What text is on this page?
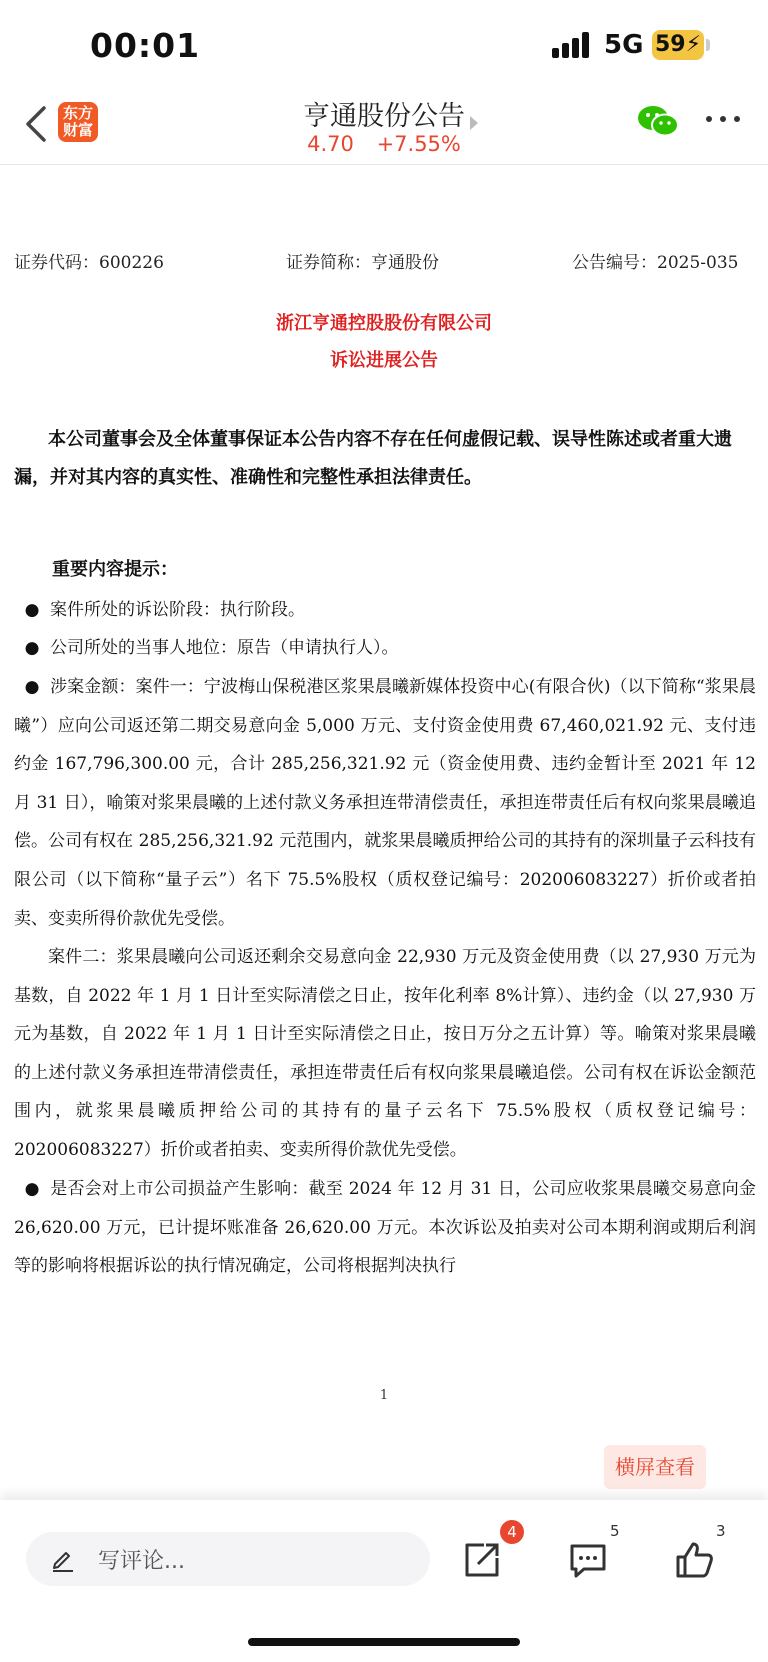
00:01	5G 59⚡
东方
财富	亨通股份公告
4.70 +7.55%
证券代码：600226	证券简称：亨通股份	公告编号：2025-035
浙江亨通控股股份有限公司
诉讼进展公告
本公司董事会及全体董事保证本公告内容不存在任何虚假记载、误导性陈述或者重大遗漏，并对其内容的真实性、准确性和完整性承担法律责任。
重要内容提示：
● 案件所处的诉讼阶段：执行阶段。
● 公司所处的当事人地位：原告（申请执行人）。
● 涉案金额：案件一：宁波梅山保税港区浆果晨曦新媒体投资中心(有限合伙)（以下简称“浆果晨曦”）应向公司返还第二期交易意向金 5,000 万元、支付资金使用费 67,460,021.92 元、支付违约金 167,796,300.00 元，合计 285,256,321.92 元（资金使用费、违约金暂计至 2021 年 12 月 31 日），喻策对浆果晨曦的上述付款义务承担连带清偿责任，承担连带责任后有权向浆果晨曦追偿。公司有权在 285,256,321.92 元范围内，就浆果晨曦质押给公司的其持有的深圳量子云科技有限公司（以下简称“量子云”）名下 75.5%股权（质权登记编号：202006083227）折价或者拍卖、变卖所得价款优先受偿。
案件二：浆果晨曦向公司返还剩余交易意向金 22,930 万元及资金使用费（以 27,930 万元为基数，自 2022 年 1 月 1 日计至实际清偿之日止，按年化利率 8%计算）、违约金（以 27,930 万元为基数，自 2022 年 1 月 1 日计至实际清偿之日止，按日万分之五计算）等。喻策对浆果晨曦的上述付款义务承担连带清偿责任，承担连带责任后有权向浆果晨曦追偿。公司有权在诉讼金额范围内，就浆果晨曦质押给公司的其持有的量子云名下 75.5%股权（质权登记编号：202006083227）折价或者拍卖、变卖所得价款优先受偿。
● 是否会对上市公司损益产生影响：截至 2024 年 12 月 31 日，公司应收浆果晨曦交易意向金 26,620.00 万元，已计提坏账准备 26,620.00 万元。本次诉讼及拍卖对公司本期利润或期后利润等的影响将根据诉讼的执行情况确定，公司将根据判决执行
1
横屏查看
写评论...
4	5	3
